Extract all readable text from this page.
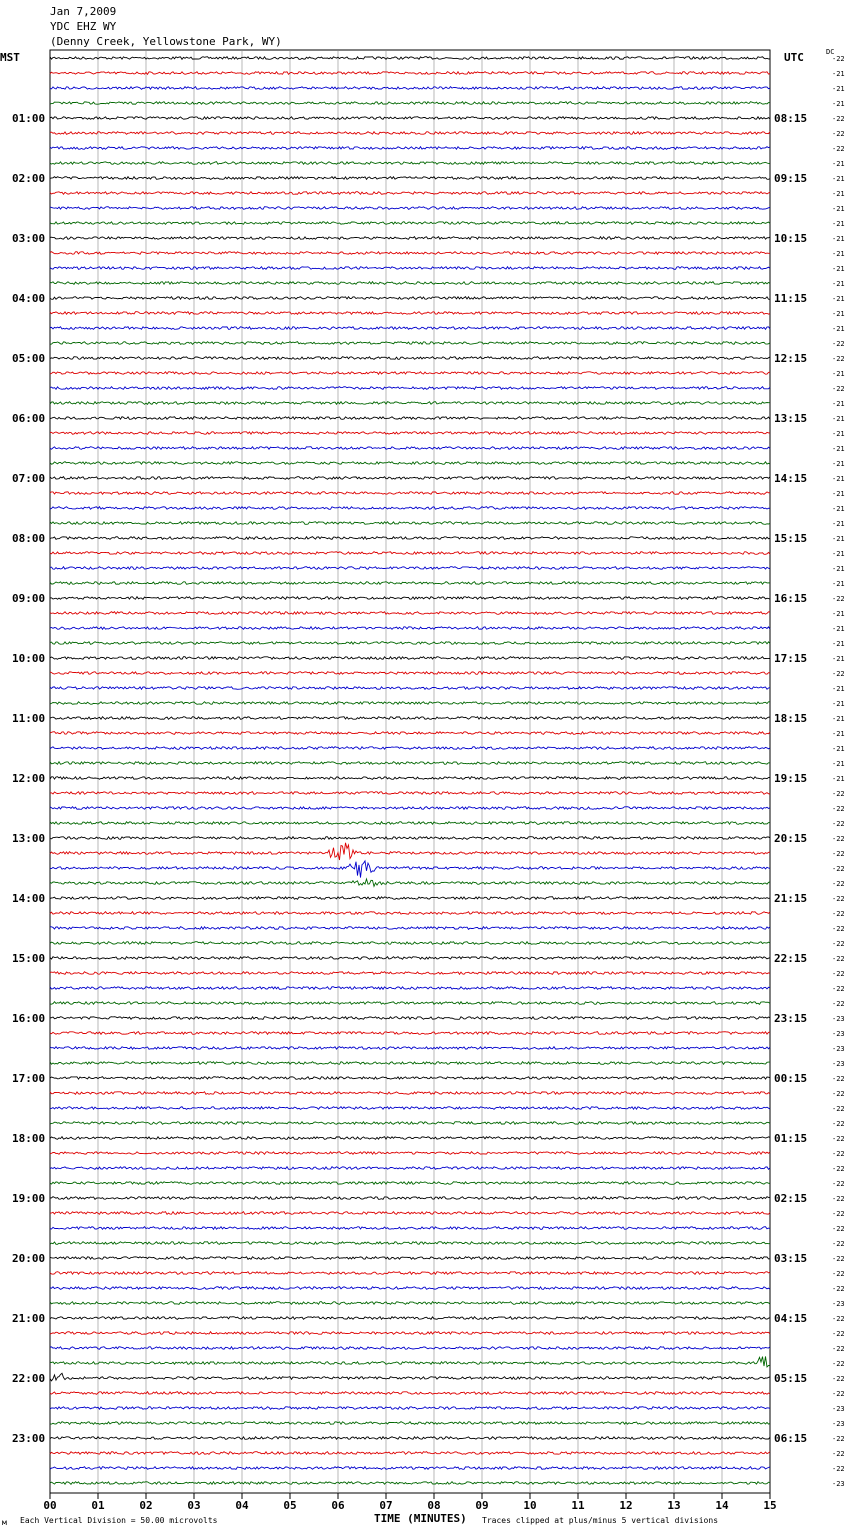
Jan 7,2009
YDC EHZ WY
(Denny Creek, Yellowstone Park, WY)
MST	UTC	DC
-22
-21
-21
-21
-22
-22
-22
-21
-21
-21
-21
-21
-21
-21
-21
-21
-21
-21
-21
-22
-22
-21
-22
-21
-21
-21
-21
-21
-21
-21
-21
-21
-21
-21
-21
-21
-22
-21
-21
-21
-21
-22
-21
-21
-21
-21
-21
-21
-21
-22
-22
-22
-22
-22
-22
-22
-22
-22
-22
-22
-22
-22
-22
-22
-23
-23
-23
-23
-22
-22
-22
-22
-22
-22
-22
-22
-22
-22
-22
-22
-22
-22
-22
-23
-22
-22
-22
-22
-22
-22
-23
-23
-22
-22
-22
-23
01:00
02:00
03:00
04:00
05:00
06:00
07:00
08:00
09:00
10:00
11:00
12:00
13:00
14:00
15:00
16:00
17:00
18:00
19:00
20:00
21:00
22:00
23:00
08:15
09:15
10:15
11:15
12:15
13:15
14:15
15:15
16:15
17:15
18:15
19:15
20:15
21:15
22:15
23:15
00:15
01:15
02:15
03:15
04:15
05:15
06:15
00	01	02	03	04	05	06	07	08	09	10	11	12	13	14	15
м Each Vertical Division = 50.00 microvolts	TIME (MINUTES) Traces clipped at plus/minus 5 vertical divisions
